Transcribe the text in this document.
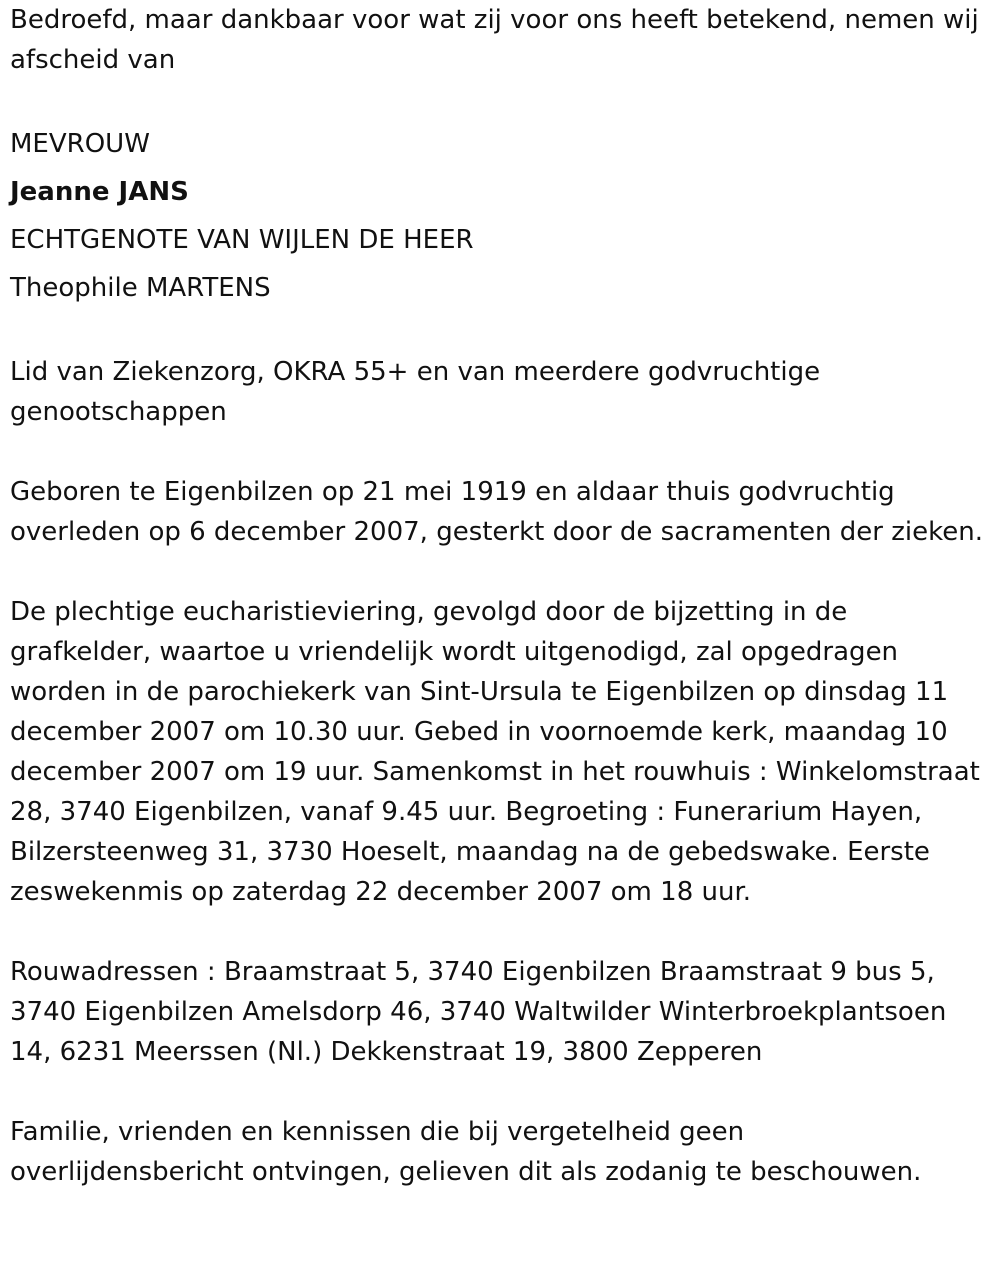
Bedroefd, maar dankbaar voor wat zij voor ons heeft betekend, nemen wij afscheid van

MEVROUW
Jeanne JANS
ECHTGENOTE VAN WIJLEN DE HEER
Theophile MARTENS

Lid van Ziekenzorg, OKRA 55+ en van meerdere godvruchtige genootschappen

Geboren te Eigenbilzen op 21 mei 1919 en aldaar thuis godvruchtig overleden op 6 december 2007, gesterkt door de sacramenten der zieken.

De plechtige eucharistieviering, gevolgd door de bijzetting in de grafkelder, waartoe u vriendelijk wordt uitgenodigd, zal opgedragen worden in de parochiekerk van Sint-Ursula te Eigenbilzen op dinsdag 11 december 2007 om 10.30 uur. Gebed in voornoemde kerk, maandag 10 december 2007 om 19 uur. Samenkomst in het rouwhuis : Winkelomstraat 28, 3740 Eigenbilzen, vanaf 9.45 uur. Begroeting : Funerarium Hayen, Bilzersteenweg 31, 3730 Hoeselt, maandag na de gebedswake. Eerste zeswekenmis op zaterdag 22 december 2007 om 18 uur.

Rouwadressen : Braamstraat 5, 3740 Eigenbilzen Braamstraat 9 bus 5, 3740 Eigenbilzen Amelsdorp 46, 3740 Waltwilder Winterbroekplantsoen 14, 6231 Meerssen (Nl.) Dekkenstraat 19, 3800 Zepperen

Familie, vrienden en kennissen die bij vergetelheid geen overlijdensbericht ontvingen, gelieven dit als zodanig te beschouwen.
